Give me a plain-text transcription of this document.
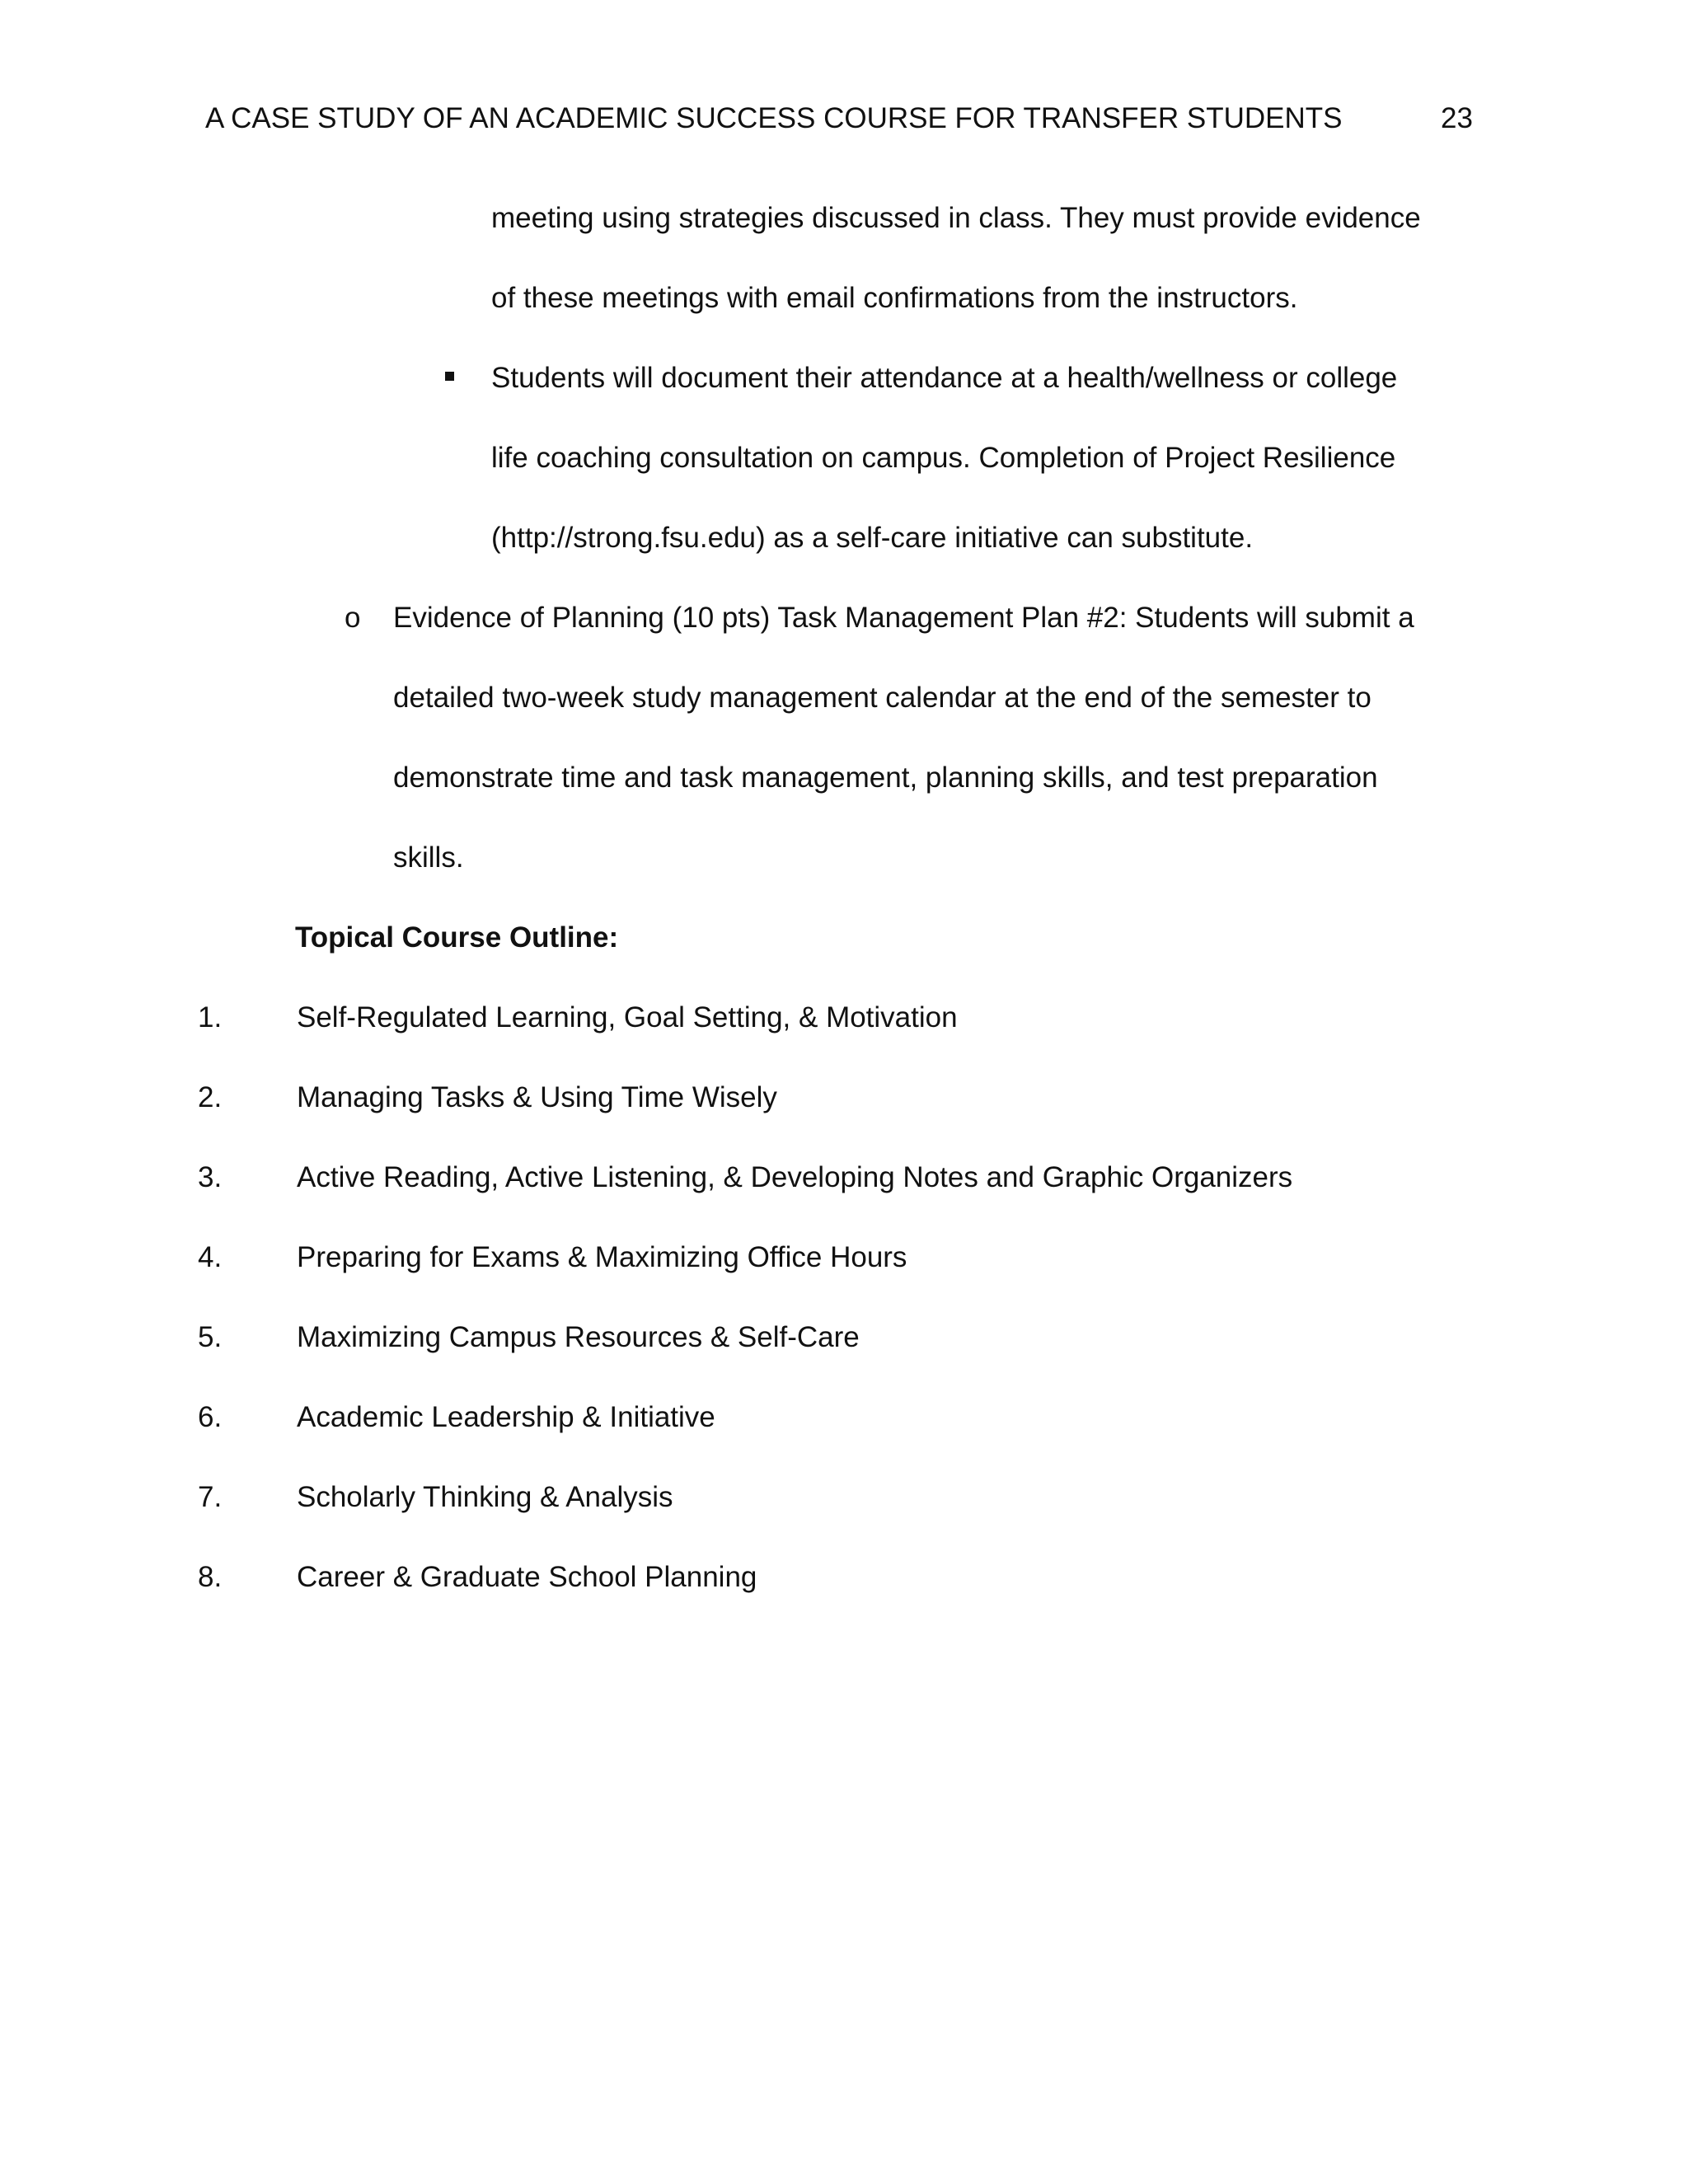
A CASE STUDY OF AN ACADEMIC SUCCESS COURSE FOR TRANSFER STUDENTS	23
meeting using strategies discussed in class. They must provide evidence
of these meetings with email confirmations from the instructors.
Students will document their attendance at a health/wellness or college
life coaching consultation on campus. Completion of Project Resilience
(http://strong.fsu.edu) as a self-care initiative can substitute.
o Evidence of Planning (10 pts) Task Management Plan #2: Students will submit a
detailed two-week study management calendar at the end of the semester to
demonstrate time and task management, planning skills, and test preparation
skills.
Topical Course Outline:
1.	Self-Regulated Learning, Goal Setting, & Motivation
2.	Managing Tasks & Using Time Wisely
3.	Active Reading, Active Listening, & Developing Notes and Graphic Organizers
4.	Preparing for Exams & Maximizing Office Hours
5.	Maximizing Campus Resources & Self-Care
6.	Academic Leadership & Initiative
7.	Scholarly Thinking & Analysis
8.	Career & Graduate School Planning
